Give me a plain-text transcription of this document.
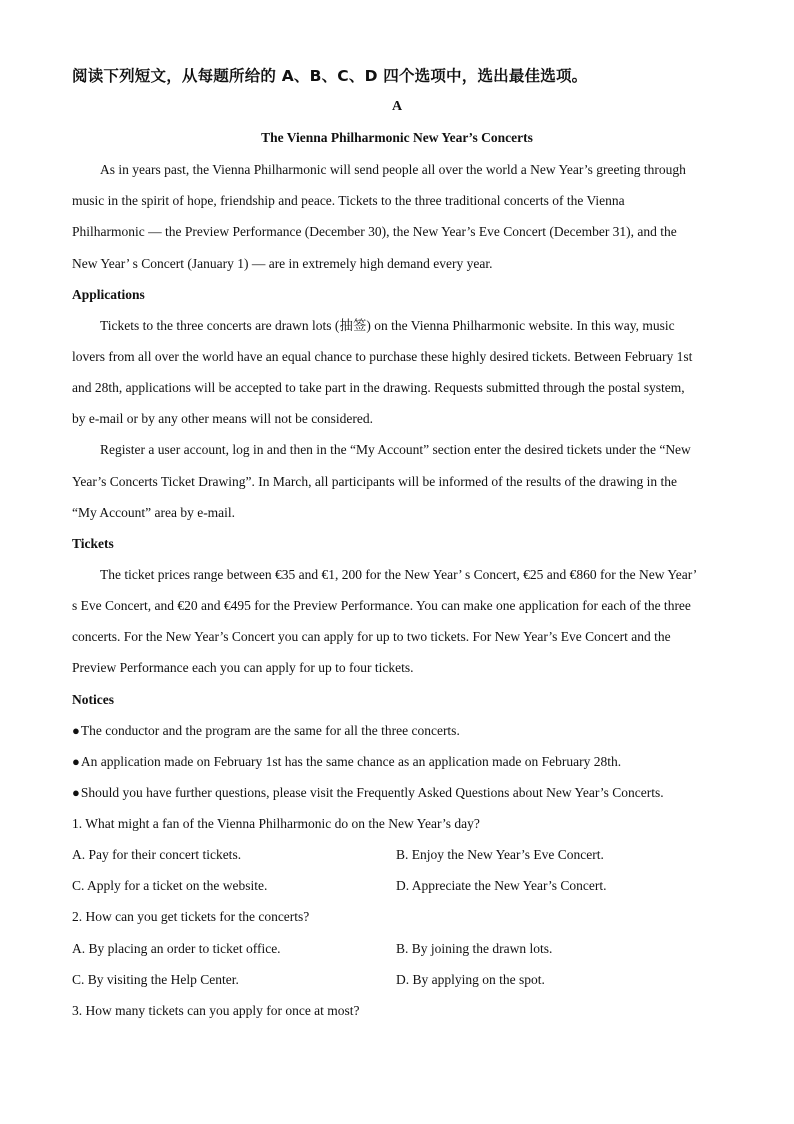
阅读下列短文，从每题所给的 A、B、C、D 四个选项中，选出最佳选项。
A
The Vienna Philharmonic New Year’s Concerts
As in years past, the Vienna Philharmonic will send people all over the world a New Year’s greeting through
music in the spirit of hope, friendship and peace. Tickets to the three traditional concerts of the Vienna
Philharmonic — the Preview Performance (December 30), the New Year’s Eve Concert (December 31), and the
New Year’ s Concert (January 1) — are in extremely high demand every year.
Applications
Tickets to the three concerts are drawn lots (抽签) on the Vienna Philharmonic website. In this way, music
lovers from all over the world have an equal chance to purchase these highly desired tickets. Between February 1st
and 28th, applications will be accepted to take part in the drawing. Requests submitted through the postal system,
by e-mail or by any other means will not be considered.
Register a user account, log in and then in the “My Account” section enter the desired tickets under the “New
Year’s Concerts Ticket Drawing”. In March, all participants will be informed of the results of the drawing in the
“My Account” area by e-mail.
Tickets
The ticket prices range between €35 and €1, 200 for the New Year’ s Concert, €25 and €860 for the New Year’
s Eve Concert, and €20 and €495 for the Preview Performance. You can make one application for each of the three
concerts. For the New Year’s Concert you can apply for up to two tickets. For New Year’s Eve Concert and the
Preview Performance each you can apply for up to four tickets.
Notices
● The conductor and the program are the same for all the three concerts.
● An application made on February 1st has the same chance as an application made on February 28th.
● Should you have further questions, please visit the Frequently Asked Questions about New Year’s Concerts.
1. What might a fan of the Vienna Philharmonic do on the New Year’s day?
A. Pay for their concert tickets.	B. Enjoy the New Year’s Eve Concert.
C. Apply for a ticket on the website.	D. Appreciate the New Year’s Concert.
2. How can you get tickets for the concerts?
A. By placing an order to ticket office.	B. By joining the drawn lots.
C. By visiting the Help Center.	D. By applying on the spot.
3. How many tickets can you apply for once at most?
